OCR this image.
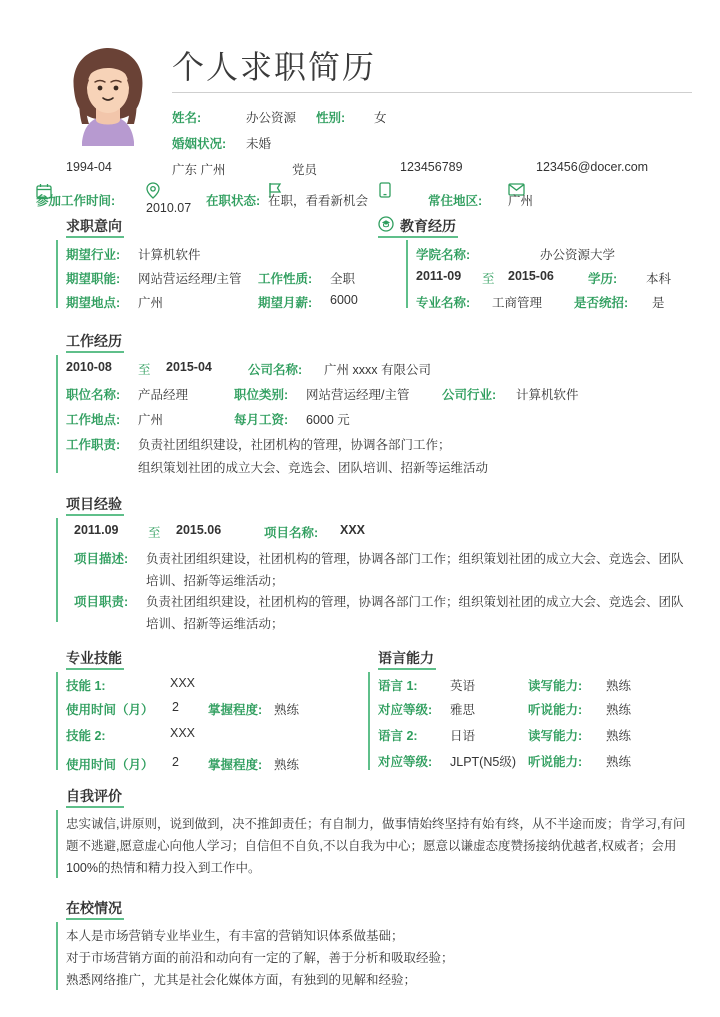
个人求职简历
姓名:	办公资源 性别: 女
婚姻状况: 未婚
1994-04	广东 广州	党员	123456789	123456@docer.com
参加工作时间: 2010.07 在职状态: 在职，看看新机会	常住地区: 广州
求职意向
期望行业: 计算机软件
期望职能: 网站营运经理/主管 工作性质: 全职
期望地点: 广州	期望月薪: 6000
教育经历
学院名称:	办公资源大学
2011-09 至 2015-06	学历: 本科
专业名称: 工商管理	是否统招: 是
工作经历
2010-08 至 2015-04	公司名称: 广州 xxxx 有限公司
职位名称: 产品经理	职位类别: 网站营运经理/主管	公司行业: 计算机软件
工作地点: 广州	每月工资: 6000 元
工作职责: 负责社团组织建设，社团机构的管理，协调各部门工作；
组织策划社团的成立大会、竞选会、团队培训、招新等运维活动
项目经验
2011.09 至 2015.06	项目名称: XXX
项目描述: 负责社团组织建设，社团机构的管理，协调各部门工作；组织策划社团的成立大会、竞选会、团队
培训、招新等运维活动；
项目职责: 负责社团组织建设，社团机构的管理，协调各部门工作；组织策划社团的成立大会、竞选会、团队
培训、招新等运维活动；
专业技能
技能 1:	XXX
使用时间（月） 2 掌握程度: 熟练
技能 2:	XXX
使用时间（月） 2 掌握程度: 熟练
语言能力
语言 1:	英语	读写能力: 熟练
对应等级: 雅思	听说能力: 熟练
语言 2:	日语	读写能力: 熟练
对应等级: JLPT(N5级) 听说能力: 熟练
自我评价
忠实诚信,讲原则，说到做到，决不推卸责任；有自制力，做事情始终坚持有始有终，从不半途而废；肯学习,有问
题不逃避,愿意虚心向他人学习；自信但不自负,不以自我为中心；愿意以谦虚态度赞扬接纳优越者,权威者；会用
100%的热情和精力投入到工作中。
在校情况
本人是市场营销专业毕业生，有丰富的营销知识体系做基础；
对于市场营销方面的前沿和动向有一定的了解，善于分析和吸取经验；
熟悉网络推广，尤其是社会化媒体方面，有独到的见解和经验；
